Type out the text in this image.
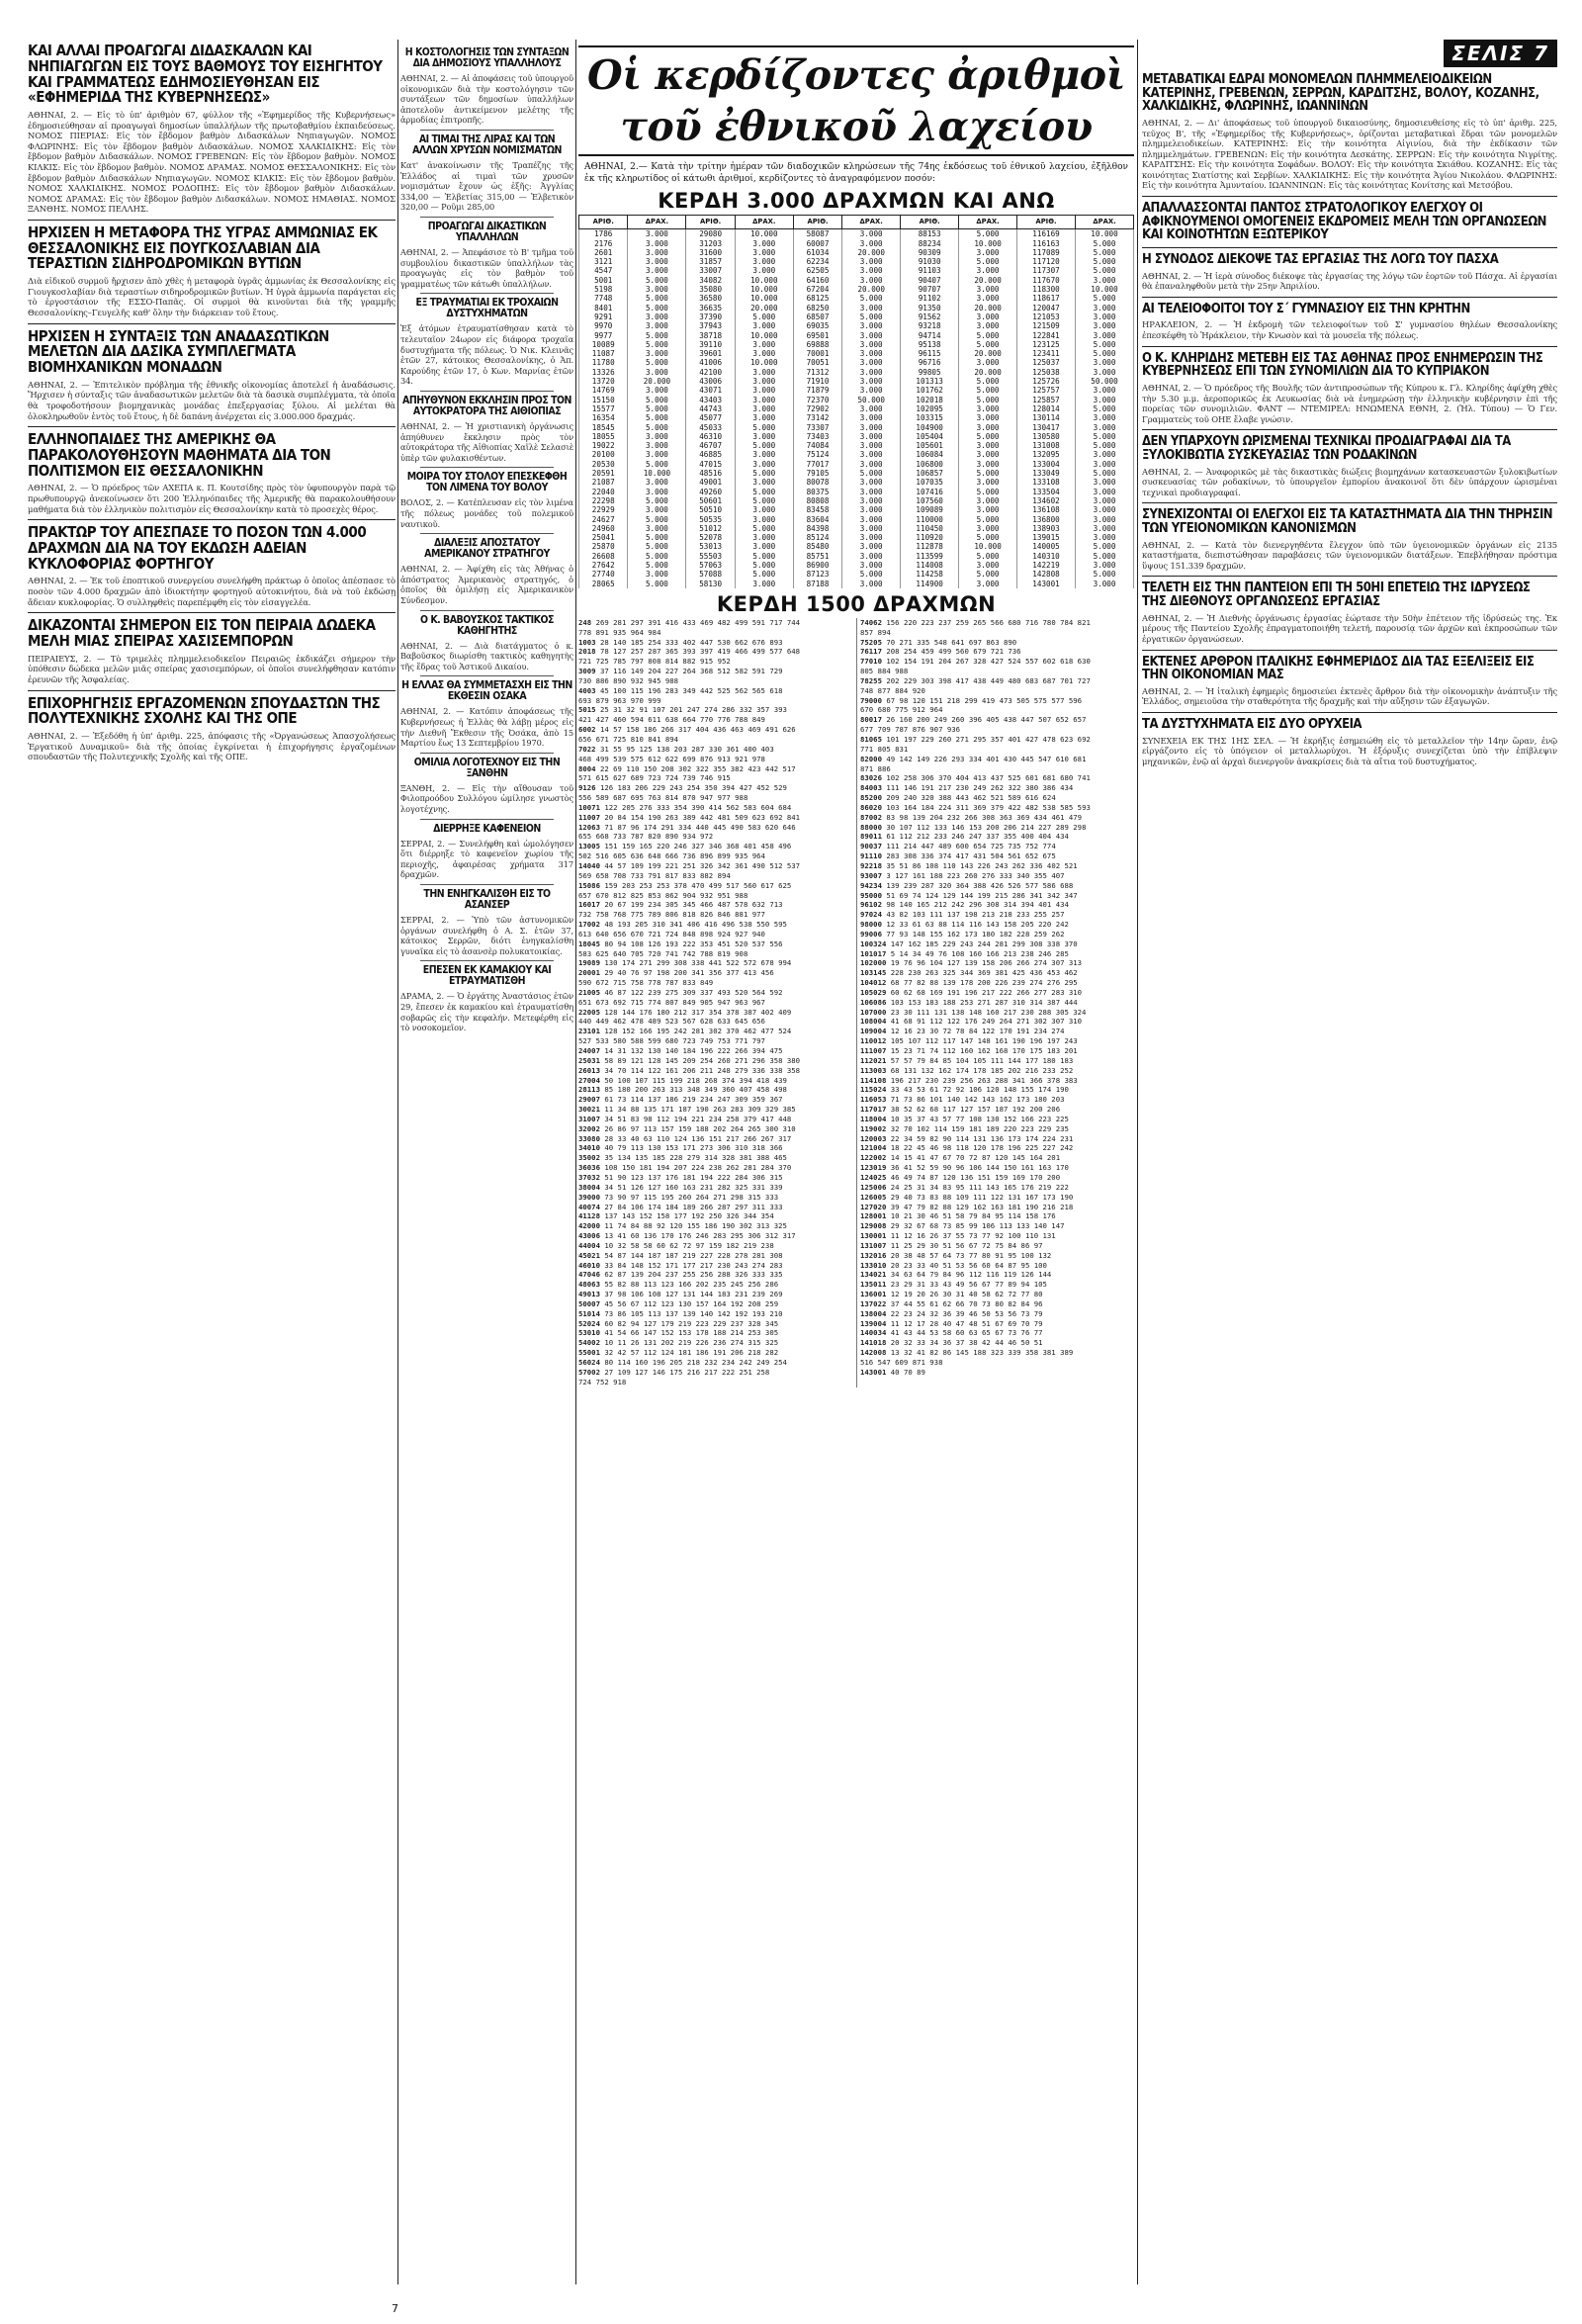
ΚΑΙ ΑΛΛΑΙ ΠΡΟΑΓΩΓΑΙ ΔΙΔΑΣΚΑΛΩΝ ΚΑΙ ΝΗΠΙΑΓΩΓΩΝ ΕΙΣ ΤΟΥΣ ΒΑΘΜΟΥΣ ΤΟΥ ΕΙΣΗΓΗΤΟΥ ΚΑΙ ΓΡΑΜΜΑΤΕΩΣ ΕΔΗΜΟΣΙΕΥΘΗΣΑΝ ΕΙΣ «ΕΦΗΜΕΡΙΔΑ ΤΗΣ ΚΥΒΕΡΝΗΣΕΩΣ»

ΑΘΗΝΑΙ, 2. — Εἰς τὸ ὑπ' ἀριθμὸν 67, φύλλον τῆς «Ἐφημερίδος τῆς Κυβερνήσεως» ἐδημοσιεύθησαν αἱ προαγωγαὶ δημοσίων ὑπαλλήλων τῆς πρωτοβαθμίου ἐκπαιδεύσεως. ΝΟΜΟΣ ΠΙΕΡΙΑΣ: Εἰς τὸν ἔβδομον βαθμὸν Διδασκάλων Νηπιαγωγῶν. ΝΟΜΟΣ ΦΛΩΡΙΝΗΣ: Εἰς τὸν ἔβδομον βαθμὸν Διδασκάλων. ΝΟΜΟΣ ΧΑΛΚΙΔΙΚΗΣ: Εἰς τὸν ἔβδομον βαθμὸν Διδασκάλων. ΝΟΜΟΣ ΓΡΕΒΕΝΩΝ: Εἰς τὸν ἔβδομον βαθμὸν. ΝΟΜΟΣ ΚΙΛΚΙΣ: Εἰς τὸν ἔβδομον βαθμὸν. ΝΟΜΟΣ ΔΡΑΜΑΣ. ΝΟΜΟΣ ΘΕΣΣΑΛΟΝΙΚΗΣ: Εἰς τὸν ἔβδομον βαθμὸν Διδασκάλων Νηπιαγωγῶν. ΝΟΜΟΣ ΚΙΛΚΙΣ: Εἰς τὸν ἔβδομον βαθμὸν. ΝΟΜΟΣ ΧΑΛΚΙΔΙΚΗΣ. ΝΟΜΟΣ ΡΟΔΟΠΗΣ: Εἰς τὸν ἔβδομον βαθμὸν Διδασκάλων. ΝΟΜΟΣ ΔΡΑΜΑΣ: Εἰς τὸν ἔβδομον βαθμὸν Διδασκάλων. ΝΟΜΟΣ ΗΜΑΘΙΑΣ. ΝΟΜΟΣ ΞΑΝΘΗΣ. ΝΟΜΟΣ ΠΕΛΛΗΣ.

ΗΡΧΙΣΕΝ Η ΜΕΤΑΦΟΡΑ ΤΗΣ ΥΓΡΑΣ ΑΜΜΩΝΙΑΣ ΕΚ ΘΕΣΣΑΛΟΝΙΚΗΣ ΕΙΣ ΠΟΥΓΚΟΣΛΑΒΙΑΝ ΔΙΑ ΤΕΡΑΣΤΙΩΝ ΣΙΔΗΡΟΔΡΟΜΙΚΩΝ ΒΥΤΙΩΝ

Διὰ εἰδικοῦ συρμοῦ ἤρχισεν ἀπὸ χθὲς ἡ μεταφορὰ ὑγρᾶς ἀμμωνίας ἐκ Θεσσαλονίκης εἰς Γιουγκοσλαβίαν διὰ τεραστίων σιδηροδρομικῶν βυτίων. Ἡ ὑγρὰ ἀμμωνία παράγεται εἰς τὸ ἐργοστάσιον τῆς ΕΣΣΟ-Παπᾶς. Οἱ συρμοὶ θὰ κινοῦνται διὰ τῆς γραμμῆς Θεσσαλονίκης–Γευγελῆς καθ' ὅλην τὴν διάρκειαν τοῦ ἔτους.

ΗΡΧΙΣΕΝ Η ΣΥΝΤΑΞΙΣ ΤΩΝ ΑΝΑΔΑΣΩΤΙΚΩΝ ΜΕΛΕΤΩΝ ΔΙΑ ΔΑΣΙΚΑ ΣΥΜΠΛΕΓΜΑΤΑ ΒΙΟΜΗΧΑΝΙΚΩΝ ΜΟΝΑΔΩΝ

ΑΘΗΝΑΙ, 2. — Ἐπιτελικὸν πρόβλημα τῆς ἐθνικῆς οἰκονομίας ἀποτελεῖ ἡ ἀναδάσωσις. Ἤρχισεν ἡ σύνταξις τῶν ἀναδασωτικῶν μελετῶν διὰ τὰ δασικὰ συμπλέγματα, τὰ ὁποῖα θὰ τροφοδοτήσουν βιομηχανικὰς μονάδας ἐπεξεργασίας ξύλου. Αἱ μελέται θὰ ὁλοκληρωθοῦν ἐντὸς τοῦ ἔτους, ἡ δὲ δαπάνη ἀνέρχεται εἰς 3.000.000 δραχμάς.

ΕΛΛΗΝΟΠΑΙΔΕΣ ΤΗΣ ΑΜΕΡΙΚΗΣ ΘΑ ΠΑΡΑΚΟΛΟΥΘΗΣΟΥΝ ΜΑΘΗΜΑΤΑ ΔΙΑ ΤΟΝ ΠΟΛΙΤΙΣΜΟΝ ΕΙΣ ΘΕΣΣΑΛΟΝΙΚΗΝ

ΑΘΗΝΑΙ, 2. — Ὁ πρόεδρος τῶν ΑΧΕΠΑ κ. Π. Κουτσίδης πρὸς τὸν ὑφυπουργὸν παρὰ τῷ πρωθυπουργῷ ἀνεκοίνωσεν ὅτι 200 Ἑλληνόπαιδες τῆς Ἀμερικῆς θὰ παρακολουθήσουν μαθήματα διὰ τὸν ἑλληνικὸν πολιτισμὸν εἰς Θεσσαλονίκην κατὰ τὸ προσεχὲς θέρος.

ΠΡΑΚΤΩΡ ΤΟΥ ΑΠΕΣΠΑΣΕ ΤΟ ΠΟΣΟΝ ΤΩΝ 4.000 ΔΡΑΧΜΩΝ ΔΙΑ ΝΑ ΤΟΥ ΕΚΔΩΣΗ ΑΔΕΙΑΝ ΚΥΚΛΟΦΟΡΙΑΣ ΦΟΡΤΗΓΟΥ

ΑΘΗΝΑΙ, 2. — Ἐκ τοῦ ἐποπτικοῦ συνεργείου συνελήφθη πράκτωρ ὁ ὁποῖος ἀπέσπασε τὸ ποσὸν τῶν 4.000 δραχμῶν ἀπὸ ἰδιοκτήτην φορτηγοῦ αὐτοκινήτου, διὰ νὰ τοῦ ἐκδώσῃ ἄδειαν κυκλοφορίας. Ὁ συλληφθεὶς παρεπέμφθη εἰς τὸν εἰσαγγελέα.

ΔΙΚΑΖΟΝΤΑΙ ΣΗΜΕΡΟΝ ΕΙΣ ΤΟΝ ΠΕΙΡΑΙΑ ΔΩΔΕΚΑ ΜΕΛΗ ΜΙΑΣ ΣΠΕΙΡΑΣ ΧΑΣΙΣΕΜΠΟΡΩΝ

ΠΕΙΡΑΙΕΥΣ, 2. — Τὸ τριμελὲς πλημμελειοδικεῖον Πειραιῶς ἐκδικάζει σήμερον τὴν ὑπόθεσιν δώδεκα μελῶν μιᾶς σπείρας χασισεμπόρων, οἱ ὁποῖοι συνελήφθησαν κατόπιν ἐρευνῶν τῆς Ἀσφαλείας.

ΕΠΙΧΟΡΗΓΗΣΙΣ ΕΡΓΑΖΟΜΕΝΩΝ ΣΠΟΥΔΑΣΤΩΝ ΤΗΣ ΠΟΛΥΤΕΧΝΙΚΗΣ ΣΧΟΛΗΣ ΚΑΙ ΤΗΣ ΟΠΕ

ΑΘΗΝΑΙ, 2. — Ἐξεδόθη ἡ ὑπ' ἀριθμ. 225, ἀπόφασις τῆς «Ὀργανώσεως Ἀπασχολήσεως Ἐργατικοῦ Δυναμικοῦ» διὰ τῆς ὁποίας ἐγκρίνεται ἡ ἐπιχορήγησις ἐργαζομένων σπουδαστῶν τῆς Πολυτεχνικῆς Σχολῆς καὶ τῆς ΟΠΕ.

Η ΚΟΣΤΟΛΟΓΗΣΙΣ ΤΩΝ ΣΥΝΤΑΞΩΝ ΔΙΑ ΔΗΜΟΣΙΟΥΣ ΥΠΑΛΛΗΛΟΥΣ

ΑΘΗΝΑΙ, 2. — Αἱ ἀποφάσεις τοῦ ὑπουργοῦ οἰκονομικῶν διὰ τὴν κοστολόγησιν τῶν συντάξεων τῶν δημοσίων ὑπαλλήλων ἀποτελοῦν ἀντικείμενον μελέτης τῆς ἁρμοδίας ἐπιτροπῆς.

ΑΙ ΤΙΜΑΙ ΤΗΣ ΛΙΡΑΣ ΚΑΙ ΤΩΝ ΑΛΛΩΝ ΧΡΥΣΩΝ ΝΟΜΙΣΜΑΤΩΝ

Κατ' ἀνακοίνωσιν τῆς Τραπέζης τῆς Ἑλλάδος αἱ τιμαὶ τῶν χρυσῶν νομισμάτων ἔχουν ὡς ἑξῆς: Ἀγγλίας 334,00 — Ἐλβετίας 315,00 — Ἑλβετικὸν 320,00 — Ροῦμι 285,00

ΠΡΟΑΓΩΓΑΙ ΔΙΚΑΣΤΙΚΩΝ ΥΠΑΛΛΗΛΩΝ

ΑΘΗΝΑΙ, 2. — Ἀπεφάσισε τὸ Β' τμῆμα τοῦ συμβουλίου δικαστικῶν ὑπαλλήλων τὰς προαγωγὰς εἰς τὸν βαθμὸν τοῦ γραμματέως τῶν κάτωθι ὑπαλλήλων.

ΕΞ ΤΡΑΥΜΑΤΙΑΙ ΕΚ ΤΡΟΧΑΙΩΝ ΔΥΣΤΥΧΗΜΑΤΩΝ

Ἐξ ἀτόμων ἐτραυματίσθησαν κατὰ τὸ τελευταῖον 24ωρον εἰς διάφορα τροχαῖα δυστυχήματα τῆς πόλεως. Ὁ Νικ. Κλεινᾶς ἐτῶν 27, κάτοικος Θεσσαλονίκης, ὁ Ἀπ. Καρούδης ἐτῶν 17, ὁ Κων. Μαρνίας ἐτῶν 34.

ΑΠΗΥΘΥΝΟΝ ΕΚΚΛΗΣΙΝ ΠΡΟΣ ΤΟΝ ΑΥΤΟΚΡΑΤΟΡΑ ΤΗΣ ΑΙΘΙΟΠΙΑΣ

ΑΘΗΝΑΙ, 2. — Ἡ χριστιανικὴ ὀργάνωσις ἀπηύθυνεν ἔκκλησιν πρὸς τὸν αὐτοκράτορα τῆς Αἰθιοπίας Χαϊλὲ Σελασιὲ ὑπὲρ τῶν φυλακισθέντων.

ΜΟΙΡΑ ΤΟΥ ΣΤΟΛΟΥ ΕΠΕΣΚΕΦΘΗ ΤΟΝ ΛΙΜΕΝΑ ΤΟΥ ΒΟΛΟΥ

ΒΟΛΟΣ, 2. — Κατέπλευσαν εἰς τὸν λιμένα τῆς πόλεως μονάδες τοῦ πολεμικοῦ ναυτικοῦ.

ΔΙΑΛΕΞΙΣ ΑΠΟΣΤΑΤΟΥ ΑΜΕΡΙΚΑΝΟΥ ΣΤΡΑΤΗΓΟΥ

ΑΘΗΝΑΙ, 2. — Ἀφίχθη εἰς τὰς Ἀθήνας ὁ ἀπόστρατος Ἀμερικανὸς στρατηγός, ὁ ὁποῖος θὰ ὁμιλήσῃ εἰς Ἀμερικανικὸν Σύνδεσμον.

Ο Κ. ΒΑΒΟΥΣΚΟΣ ΤΑΚΤΙΚΟΣ ΚΑΘΗΓΗΤΗΣ

ΑΘΗΝΑΙ, 2. — Διὰ διατάγματος ὁ κ. Βαβοῦσκος διωρίσθη τακτικὸς καθηγητὴς τῆς ἕδρας τοῦ Ἀστικοῦ Δικαίου.

Η ΕΛΛΑΣ ΘΑ ΣΥΜΜΕΤΑΣΧΗ ΕΙΣ ΤΗΝ ΕΚΘΕΣΙΝ ΟΣΑΚΑ

ΑΘΗΝΑΙ, 2. — Κατόπιν ἀποφάσεως τῆς Κυβερνήσεως ἡ Ἑλλὰς θὰ λάβῃ μέρος εἰς τὴν Διεθνῆ Ἔκθεσιν τῆς Ὀσάκα, ἀπὸ 15 Μαρτίου ἕως 13 Σεπτεμβρίου 1970.

ΟΜΙΛΙΑ ΛΟΓΟΤΕΧΝΟΥ ΕΙΣ ΤΗΝ ΞΑΝΘΗΝ

ΞΑΝΘΗ, 2. — Εἰς τὴν αἴθουσαν τοῦ Φιλοπροόδου Συλλόγου ὡμίλησε γνωστὸς λογοτέχνης.

ΔΙΕΡΡΗΞΕ ΚΑΦΕΝΕΙΟΝ

ΣΕΡΡΑΙ, 2. — Συνελήφθη καὶ ὡμολόγησεν ὅτι διέρρηξε τὸ καφενεῖον χωρίου τῆς περιοχῆς, ἀφαιρέσας χρήματα 317 δραχμῶν.

ΤΗΝ ΕΝΗΓΚΑΛΙΣΘΗ ΕΙΣ ΤΟ ΑΣΑΝΣΕΡ

ΣΕΡΡΑΙ, 2. — Ὑπὸ τῶν ἀστυνομικῶν ὀργάνων συνελήφθη ὁ Α. Σ. ἐτῶν 37, κάτοικος Σερρῶν, διότι ἐνηγκαλίσθη γυναῖκα εἰς τὸ ἀσανσὲρ πολυκατοικίας.

ΕΠΕΣΕΝ ΕΚ ΚΑΜΑΚΙΟΥ ΚΑΙ ΕΤΡΑΥΜΑΤΙΣΘΗ

ΔΡΑΜΑ, 2. — Ὁ ἐργάτης Ἀναστάσιος ἐτῶν 29, ἔπεσεν ἐκ καμακίου καὶ ἐτραυματίσθη σοβαρῶς εἰς τὴν κεφαλήν. Μετεφέρθη εἰς τὸ νοσοκομεῖον.

Οἱ κερδίζοντες ἀριθμοὶ τοῦ ἐθνικοῦ λαχείου

ΑΘΗΝΑΙ, 2.— Κατὰ τὴν τρίτην ἡμέραν τῶν διαδοχικῶν κληρώσεων τῆς 74ης ἐκδόσεως τοῦ ἐθνικοῦ λαχείου, ἐξῆλθον ἐκ τῆς κληρωτίδος οἱ κάτωθι ἀριθμοί, κερδίζοντες τὸ ἀναγραφόμενον ποσόν:

ΚΕΡΔΗ 3.000 ΔΡΑΧΜΩΝ ΚΑΙ ΑΝΩ
ΑΡΙΘ.	ΔΡΑΧ.	ΑΡΙΘ.	ΔΡΑΧ.	ΑΡΙΘ.	ΔΡΑΧ.	ΑΡΙΘ.	ΔΡΑΧ.	ΑΡΙΘ.	ΔΡΑΧ.
1786	3.000	29080	10.000	58087	3.000	88153	5.000	116169	10.000
2176	3.000	31203	3.000	60007	3.000	88234	10.000	116163	5.000
2601	3.000	31600	3.000	61034	20.000	90309	3.000	117089	5.000
3121	3.000	31857	3.000	62234	3.000	91030	5.000	117120	5.000
4547	3.000	33007	3.000	62505	3.000	91103	3.000	117307	5.000
5001	5.000	34082	10.000	64160	3.000	90407	20.000	117670	3.000
5198	3.000	35080	10.000	67204	20.000	90707	3.000	118300	10.000
7748	5.000	36580	10.000	68125	5.000	91102	3.000	118617	5.000
8401	5.000	36635	20.000	68250	3.000	91350	20.000	120047	3.000
9291	3.000	37390	5.000	68507	5.000	91562	3.000	121053	3.000
9970	3.000	37943	3.000	69035	3.000	93218	3.000	121509	3.000
9977	5.000	38718	10.000	69501	3.000	94714	5.000	122841	3.000
10089	5.000	39110	3.000	69888	3.000	95138	5.000	123125	5.000
11087	3.000	39601	3.000	70001	3.000	96115	20.000	123411	5.000
11780	5.000	41006	10.000	70051	3.000	96716	3.000	125037	3.000
13326	3.000	42100	3.000	71312	3.000	99805	20.000	125038	3.000
13720	20.000	43006	3.000	71910	3.000	101313	5.000	125726	50.000
14769	3.000	43071	3.000	71879	3.000	101762	5.000	125757	3.000
15150	5.000	43403	3.000	72370	50.000	102018	5.000	125857	3.000
15577	5.000	44743	3.000	72902	3.000	102095	3.000	128014	5.000
16354	5.000	45077	3.000	73142	3.000	103315	3.000	130114	3.000
18545	5.000	45033	5.000	73307	3.000	104900	3.000	130417	3.000
18055	3.000	46310	3.000	73403	3.000	105404	5.000	130580	5.000
19022	3.000	46707	5.000	74084	3.000	105601	3.000	131008	5.000
20100	3.000	46885	3.000	75124	3.000	106084	3.000	132095	3.000
20530	5.000	47015	3.000	77017	3.000	106800	3.000	133004	3.000
20591	10.000	48516	5.000	79105	5.000	106857	5.000	133049	5.000
21087	3.000	49001	3.000	80078	3.000	107035	3.000	133108	3.000
22040	3.000	49260	5.000	80375	3.000	107416	5.000	133504	3.000
22298	5.000	50601	5.000	80808	3.000	107560	3.000	134602	3.000
22929	3.000	50510	3.000	83458	3.000	109089	3.000	136108	3.000
24627	5.000	50535	3.000	83604	3.000	110000	5.000	136800	3.000
24960	3.000	51012	5.000	84398	3.000	110450	3.000	138903	3.000
25041	5.000	52078	3.000	85124	3.000	110920	5.000	139015	3.000
25870	5.000	53013	3.000	85480	3.000	112878	10.000	140005	5.000
26608	5.000	55503	5.000	85751	3.000	113599	5.000	140310	5.000
27642	5.000	57063	5.000	86900	3.000	114008	3.000	142219	3.000
27740	3.000	57088	5.000	87123	5.000	114258	5.000	142808	5.000
28065	5.000	58130	3.000	87188	3.000	114900	3.000	143001	3.000
ΚΕΡΔΗ 1500 ΔΡΑΧΜΩΝ
248 269 281 297 391 416 433 469 482 499 591 717 744
778 891 935 964 984
1003 28 140 185 254 333 402 447 530 662 676 893
2018 78 127 257 287 365 393 397 419 466 499 577 648
721 725 785 797 808 814 882 915 952
3009 37 116 149 204 227 264 368 512 582 591 729
730 886 890 932 945 988
4003 45 100 115 196 283 349 442 525 562 565 618
693 879 963 970 999
5015 25 31 32 91 107 201 247 274 286 332 357 393
421 427 460 594 611 638 664 770 776 788 849
6002 14 57 158 186 266 317 404 436 463 469 491 626
656 671 725 810 841 894
7022 31 55 95 125 138 203 287 330 361 400 403
468 499 539 575 612 622 699 876 913 921 978
8004 22 69 110 150 208 302 322 355 382 423 442 517
571 615 627 689 723 724 739 746 915
9126 126 183 206 229 243 254 350 394 427 452 529
556 589 687 695 763 814 870 947 977 988
10071 122 205 276 333 354 390 414 562 583 604 684
11007 20 84 154 190 263 389 442 481 509 623 692 841
12063 71 87 96 174 291 334 440 445 490 583 620 646
655 668 733 787 820 890 934 972
13005 151 159 165 220 246 327 346 368 401 458 496
502 516 605 636 648 666 736 896 899 935 964
14040 44 57 109 199 221 251 326 342 361 490 512 537
569 658 708 733 791 817 833 882 894
15086 159 203 253 253 378 470 499 517 560 617 625
657 670 812 825 853 862 904 932 951 988
16017 20 67 199 234 305 345 466 487 578 632 713
732 758 768 775 789 806 818 826 846 881 977
17002 48 193 205 310 341 406 416 496 538 550 595
613 640 656 670 721 724 848 898 924 927 940
18045 80 94 108 126 193 222 353 451 520 537 556
583 625 640 705 720 741 742 788 819 908
19089 130 174 271 299 308 338 441 522 572 678 994
20001 29 40 76 97 198 200 341 356 377 413 456
590 672 715 758 778 787 833 849
21005 46 87 122 239 275 309 337 493 520 564 592
651 673 692 715 774 807 849 905 947 963 967
22005 128 144 176 180 212 317 354 378 387 402 409
440 449 462 478 489 523 567 628 633 645 656
23101 128 152 166 195 242 281 302 370 462 477 524
527 533 580 588 599 680 723 749 753 771 797
24007 14 31 132 130 140 184 196 222 266 394 475
25031 58 89 121 128 145 209 254 260 271 296 358 380
26013 34 70 114 122 161 206 211 248 279 336 338 358
27004 50 100 107 115 199 218 268 374 394 418 439
28113 85 180 200 263 313 348 349 360 407 458 498
29007 61 73 114 137 186 219 234 247 309 359 367
30021 11 34 88 135 171 187 190 263 283 309 329 385
31007 34 51 83 98 112 194 221 234 258 379 417 448
32002 26 86 97 113 157 159 188 202 264 265 300 310
33080 28 33 40 63 110 124 136 151 217 266 267 317
34010 40 79 113 130 153 171 273 306 310 318 366
35002 35 134 135 185 228 279 314 328 381 388 465
36036 108 150 181 194 207 224 238 262 281 284 370
37032 51 90 123 137 176 181 194 222 284 306 315
38004 34 51 126 127 160 163 231 282 325 331 339
39000 73 90 97 115 195 260 264 271 298 315 333
40074 27 84 106 174 184 189 266 287 297 311 333
41128 137 143 152 158 177 192 250 326 344 354
42000 11 74 84 88 92 120 155 186 190 302 313 325
43006 13 41 60 136 170 176 246 283 295 306 312 317
44004 10 32 58 58 60 62 72 97 159 182 219 238
45021 54 87 144 187 187 219 227 228 278 281 308
46010 33 84 148 152 171 177 217 230 243 274 283
47046 62 87 139 204 237 255 256 288 326 333 335
48063 55 82 88 113 123 166 202 235 245 256 286
49013 37 98 106 108 127 131 144 183 231 239 269
50007 45 56 67 112 123 130 157 164 192 208 259
51014 73 86 105 113 137 139 140 142 192 193 210
52024 60 82 94 127 179 219 223 229 237 328 345
53010 41 54 66 147 152 153 178 188 214 253 305
54002 10 11 26 131 202 219 226 236 274 315 325
55001 32 42 57 112 124 181 186 191 206 218 282
56024 80 114 160 196 205 218 232 234 242 249 254
57002 27 109 127 146 175 216 217 222 251 258
724 752 918
74062 156 220 223 237 259 265 566 680 716 780 784 821
857 894
75205 70 271 335 548 641 697 863 890
76117 208 254 459 499 560 679 721 736
77010 102 154 191 204 267 328 427 524 557 602 618 630
805 884 988
78255 202 229 303 398 417 438 449 480 683 687 701 727
748 877 884 920
79000 67 98 120 151 218 299 419 473 505 575 577 596
670 680 775 912 964
80017 26 160 200 249 260 396 405 438 447 507 652 657
677 709 787 876 907 936
81065 101 197 229 260 271 295 357 401 427 478 623 692
771 805 831
82000 49 142 149 226 293 334 401 430 445 547 610 681
871 886
83026 102 258 306 370 404 413 437 525 601 681 680 741
84003 111 146 191 217 230 249 262 322 380 386 434
85200 209 240 320 388 443 462 521 589 616 624
86020 103 164 184 224 311 369 379 422 482 538 585 593
87002 83 98 139 204 232 266 308 363 369 434 461 479
88000 30 107 112 133 146 153 200 206 214 227 289 298
89011 61 112 212 233 246 247 337 355 400 404 434
90037 111 214 447 489 600 654 725 735 752 774
91110 283 308 336 374 417 431 504 561 652 675
92218 35 51 86 108 110 143 226 243 262 336 402 521
93007 3 127 161 188 223 260 276 333 340 355 407
94234 139 239 287 320 364 388 426 526 577 586 688
95000 51 69 74 124 129 144 199 215 286 341 342 347
96102 98 140 165 212 242 296 308 314 394 401 434
97024 43 82 103 111 137 198 213 218 233 255 257
98000 12 33 61 63 88 114 116 143 158 205 220 242
99006 77 93 148 155 162 173 180 182 228 259 262
100324 147 162 185 229 243 244 281 299 308 338 370
101017 5 14 34 49 76 108 160 166 213 238 246 285
102000 19 76 96 104 127 139 158 206 266 274 307 313
103145 228 230 263 325 344 369 381 425 436 453 462
104012 68 77 82 88 139 178 200 226 239 274 276 295
105029 60 62 68 169 191 196 217 222 266 277 283 310
106086 103 153 183 188 253 271 287 310 314 387 444
107000 23 30 111 131 138 148 160 217 230 288 305 324
108004 41 68 91 112 122 176 249 264 271 302 307 310
109004 12 16 23 30 72 78 84 122 170 191 234 274
110012 105 107 112 117 147 148 161 190 196 197 243
111007 15 23 71 74 112 160 162 168 170 175 183 201
112021 57 57 79 84 85 104 105 111 144 177 180 183
113003 68 131 132 162 174 178 185 202 216 233 252
114108 196 217 230 239 256 263 288 341 366 378 383
115024 33 43 53 61 72 92 106 120 148 155 174 190
116053 71 73 86 101 140 142 143 162 173 180 203
117017 38 52 62 68 117 127 157 187 192 200 206
118004 10 35 37 43 57 77 108 130 152 166 223 225
119002 32 70 102 114 159 181 189 220 223 229 235
120003 22 34 59 82 90 114 131 136 173 174 224 231
121004 18 22 45 46 98 118 120 178 196 225 227 242
122002 14 15 41 47 67 70 72 87 120 145 164 201
123019 36 41 52 59 90 96 106 144 150 161 163 170
124025 46 49 74 87 120 136 151 159 169 170 200
125006 24 25 31 34 83 95 111 143 165 176 219 222
126005 29 40 73 83 88 109 111 122 131 167 173 190
127020 39 47 79 82 88 129 162 163 181 190 216 218
128001 10 21 30 46 51 58 79 84 95 114 158 176
129008 29 32 67 68 73 85 99 106 113 133 140 147
130001 11 12 16 26 37 55 73 77 92 100 110 131
131007 11 25 29 30 51 56 67 72 75 84 86 97
132016 20 38 48 57 64 73 77 80 91 95 100 132
133010 20 23 33 40 51 53 56 60 64 87 95 100
134021 34 63 64 79 84 96 112 116 119 126 144
135011 23 29 31 33 43 49 56 67 77 89 94 105
136001 12 19 20 26 30 31 40 58 62 72 77 80
137022 37 44 55 61 62 66 70 73 80 82 84 96
138004 22 23 24 32 36 39 46 50 53 56 73 79
139004 11 12 17 28 40 47 48 51 67 69 70 79
140034 41 43 44 53 58 60 63 65 67 73 76 77
141018 20 32 33 34 36 37 38 42 44 46 50 51
142008 13 32 41 82 86 145 188 323 339 358 381 389
516 547 609 871 938
143001 40 70 89
ΣΕΛΙΣ 7
ΜΕΤΑΒΑΤΙΚΑΙ ΕΔΡΑΙ ΜΟΝΟΜΕΛΩΝ ΠΛΗΜΜΕΛΕΙΟΔΙΚΕΙΩΝ ΚΑΤΕΡΙΝΗΣ, ΓΡΕΒΕΝΩΝ, ΣΕΡΡΩΝ, ΚΑΡΔΙΤΣΗΣ, ΒΟΛΟΥ, ΚΟΖΑΝΗΣ, ΧΑΛΚΙΔΙΚΗΣ, ΦΛΩΡΙΝΗΣ, ΙΩΑΝΝΙΝΩΝ

ΑΘΗΝΑΙ, 2. — Δι' ἀποφάσεως τοῦ ὑπουργοῦ δικαιοσύνης, δημοσιευθείσης εἰς τὸ ὑπ' ἀριθμ. 225, τεῦχος Β', τῆς «Ἐφημερίδος τῆς Κυβερνήσεως», ὁρίζονται μεταβατικαὶ ἕδραι τῶν μονομελῶν πλημμελειοδικείων. ΚΑΤΕΡΙΝΗΣ: Εἰς τὴν κοινότητα Αἰγινίου, διὰ τὴν ἐκδίκασιν τῶν πλημμελημάτων. ΓΡΕΒΕΝΩΝ: Εἰς τὴν κοινότητα Δεσκάτης. ΣΕΡΡΩΝ: Εἰς τὴν κοινότητα Νιγρίτης. ΚΑΡΔΙΤΣΗΣ: Εἰς τὴν κοινότητα Σοφάδων. ΒΟΛΟΥ: Εἰς τὴν κοινότητα Σκιάθου. ΚΟΖΑΝΗΣ: Εἰς τὰς κοινότητας Σιατίστης καὶ Σερβίων. ΧΑΛΚΙΔΙΚΗΣ: Εἰς τὴν κοινότητα Ἁγίου Νικολάου. ΦΛΩΡΙΝΗΣ: Εἰς τὴν κοινότητα Ἀμυνταίου. ΙΩΑΝΝΙΝΩΝ: Εἰς τὰς κοινότητας Κονίτσης καὶ Μετσόβου.

ΑΠΑΛΛΑΣΣΟΝΤΑΙ ΠΑΝΤΟΣ ΣΤΡΑΤΟΛΟΓΙΚΟΥ ΕΛΕΓΧΟΥ ΟΙ ΑΦΙΚΝΟΥΜΕΝΟΙ ΟΜΟΓΕΝΕΙΣ ΕΚΔΡΟΜΕΙΣ ΜΕΛΗ ΤΩΝ ΟΡΓΑΝΩΣΕΩΝ ΚΑΙ ΚΟΙΝΟΤΗΤΩΝ ΕΞΩΤΕΡΙΚΟΥ
Η ΣΥΝΟΔΟΣ ΔΙΕΚΟΨΕ ΤΑΣ ΕΡΓΑΣΙΑΣ ΤΗΣ ΛΟΓΩ ΤΟΥ ΠΑΣΧΑ

ΑΘΗΝΑΙ, 2. — Ἡ ἱερὰ σύνοδος διέκοψε τὰς ἐργασίας της λόγῳ τῶν ἑορτῶν τοῦ Πάσχα. Αἱ ἐργασίαι θὰ ἐπαναληφθοῦν μετὰ τὴν 25ην Ἀπριλίου.

ΑΙ ΤΕΛΕΙΟΦΟΙΤΟΙ ΤΟΥ Σ΄ ΓΥΜΝΑΣΙΟΥ ΕΙΣ ΤΗΝ ΚΡΗΤΗΝ

ΗΡΑΚΛΕΙΟΝ, 2. — Ἡ ἐκδρομὴ τῶν τελειοφοίτων τοῦ Σ' γυμνασίου θηλέων Θεσσαλονίκης ἐπεσκέφθη τὸ Ἡράκλειον, τὴν Κνωσὸν καὶ τὰ μουσεῖα τῆς πόλεως.

Ο Κ. ΚΛΗΡΙΔΗΣ ΜΕΤΕΒΗ ΕΙΣ ΤΑΣ ΑΘΗΝΑΣ ΠΡΟΣ ΕΝΗΜΕΡΩΣΙΝ ΤΗΣ ΚΥΒΕΡΝΗΣΕΩΣ ΕΠΙ ΤΩΝ ΣΥΝΟΜΙΛΙΩΝ ΔΙΑ ΤΟ ΚΥΠΡΙΑΚΟΝ

ΑΘΗΝΑΙ, 2. — Ὁ πρόεδρος τῆς Βουλῆς τῶν ἀντιπροσώπων τῆς Κύπρου κ. Γλ. Κληρίδης ἀφίχθη χθὲς τὴν 5.30 μ.μ. ἀεροπορικῶς ἐκ Λευκωσίας διὰ νὰ ἐνημερώσῃ τὴν ἑλληνικὴν κυβέρνησιν ἐπὶ τῆς πορείας τῶν συνομιλιῶν. ΦΑΝΤ — ΝΤΕΜΙΡΕΛ: ΗΝΩΜΕΝΑ ΕΘΝΗ, 2. (Ἡλ. Τύπου) — Ὁ Γεν. Γραμματεὺς τοῦ ΟΗΕ ἔλαβε γνώσιν.

ΔΕΝ ΥΠΑΡΧΟΥΝ ΩΡΙΣΜΕΝΑΙ ΤΕΧΝΙΚΑΙ ΠΡΟΔΙΑΓΡΑΦΑΙ ΔΙΑ ΤΑ ΞΥΛΟΚΙΒΩΤΙΑ ΣΥΣΚΕΥΑΣΙΑΣ ΤΩΝ ΡΟΔΑΚΙΝΩΝ

ΑΘΗΝΑΙ, 2. — Ἀναφορικῶς μὲ τὰς δικαστικὰς διώξεις βιομηχάνων κατασκευαστῶν ξυλοκιβωτίων συσκευασίας τῶν ροδακίνων, τὸ ὑπουργεῖον ἐμπορίου ἀνακοινοῖ ὅτι δὲν ὑπάρχουν ὡρισμέναι τεχνικαὶ προδιαγραφαί.

ΣΥΝΕΧΙΖΟΝΤΑΙ ΟΙ ΕΛΕΓΧΟΙ ΕΙΣ ΤΑ ΚΑΤΑΣΤΗΜΑΤΑ ΔΙΑ ΤΗΝ ΤΗΡΗΣΙΝ ΤΩΝ ΥΓΕΙΟΝΟΜΙΚΩΝ ΚΑΝΟΝΙΣΜΩΝ

ΑΘΗΝΑΙ, 2. — Κατὰ τὸν διενεργηθέντα ἔλεγχον ὑπὸ τῶν ὑγειονομικῶν ὀργάνων εἰς 2135 καταστήματα, διεπιστώθησαν παραβάσεις τῶν ὑγειονομικῶν διατάξεων. Ἐπεβλήθησαν πρόστιμα ὕψους 151.339 δραχμῶν.

ΤΕΛΕΤΗ ΕΙΣ ΤΗΝ ΠΑΝΤΕΙΟΝ ΕΠΙ ΤΗ 50ΗΙ ΕΠΕΤΕΙΩ ΤΗΣ ΙΔΡΥΣΕΩΣ ΤΗΣ ΔΙΕΘΝΟΥΣ ΟΡΓΑΝΩΣΕΩΣ ΕΡΓΑΣΙΑΣ

ΑΘΗΝΑΙ, 2. — Ἡ Διεθνὴς ὀργάνωσις ἐργασίας ἑώρτασε τὴν 50ὴν ἐπέτειον τῆς ἱδρύσεώς της. Ἐκ μέρους τῆς Παντείου Σχολῆς ἐπραγματοποιήθη τελετή, παρουσίᾳ τῶν ἀρχῶν καὶ ἐκπροσώπων τῶν ἐργατικῶν ὀργανώσεων.

ΕΚΤΕΝΕΣ ΑΡΘΡΟΝ ΙΤΑΛΙΚΗΣ ΕΦΗΜΕΡΙΔΟΣ ΔΙΑ ΤΑΣ ΕΞΕΛΙΞΕΙΣ ΕΙΣ ΤΗΝ ΟΙΚΟΝΟΜΙΑΝ ΜΑΣ

ΑΘΗΝΑΙ, 2. — Ἡ ἰταλικὴ ἐφημερὶς δημοσιεύει ἐκτενὲς ἄρθρον διὰ τὴν οἰκονομικὴν ἀνάπτυξιν τῆς Ἑλλάδος, σημειοῦσα τὴν σταθερότητα τῆς δραχμῆς καὶ τὴν αὔξησιν τῶν ἐξαγωγῶν.

ΤΑ ΔΥΣΤΥΧΗΜΑΤΑ ΕΙΣ ΔΥΟ ΟΡΥΧΕΙΑ

ΣΥΝΕΧΕΙΑ ΕΚ ΤΗΣ 1ΗΣ ΣΕΛ. — Ἡ ἐκρήξις ἐσημειώθη εἰς τὸ μεταλλεῖον τὴν 14ην ὥραν, ἐνῷ εἰργάζοντο εἰς τὸ ὑπόγειον οἱ μεταλλωρύχοι. Ἡ ἐξόρυξις συνεχίζεται ὑπὸ τὴν ἐπίβλεψιν μηχανικῶν, ἐνῷ αἱ ἀρχαὶ διενεργοῦν ἀνακρίσεις διὰ τὰ αἴτια τοῦ δυστυχήματος.

7
